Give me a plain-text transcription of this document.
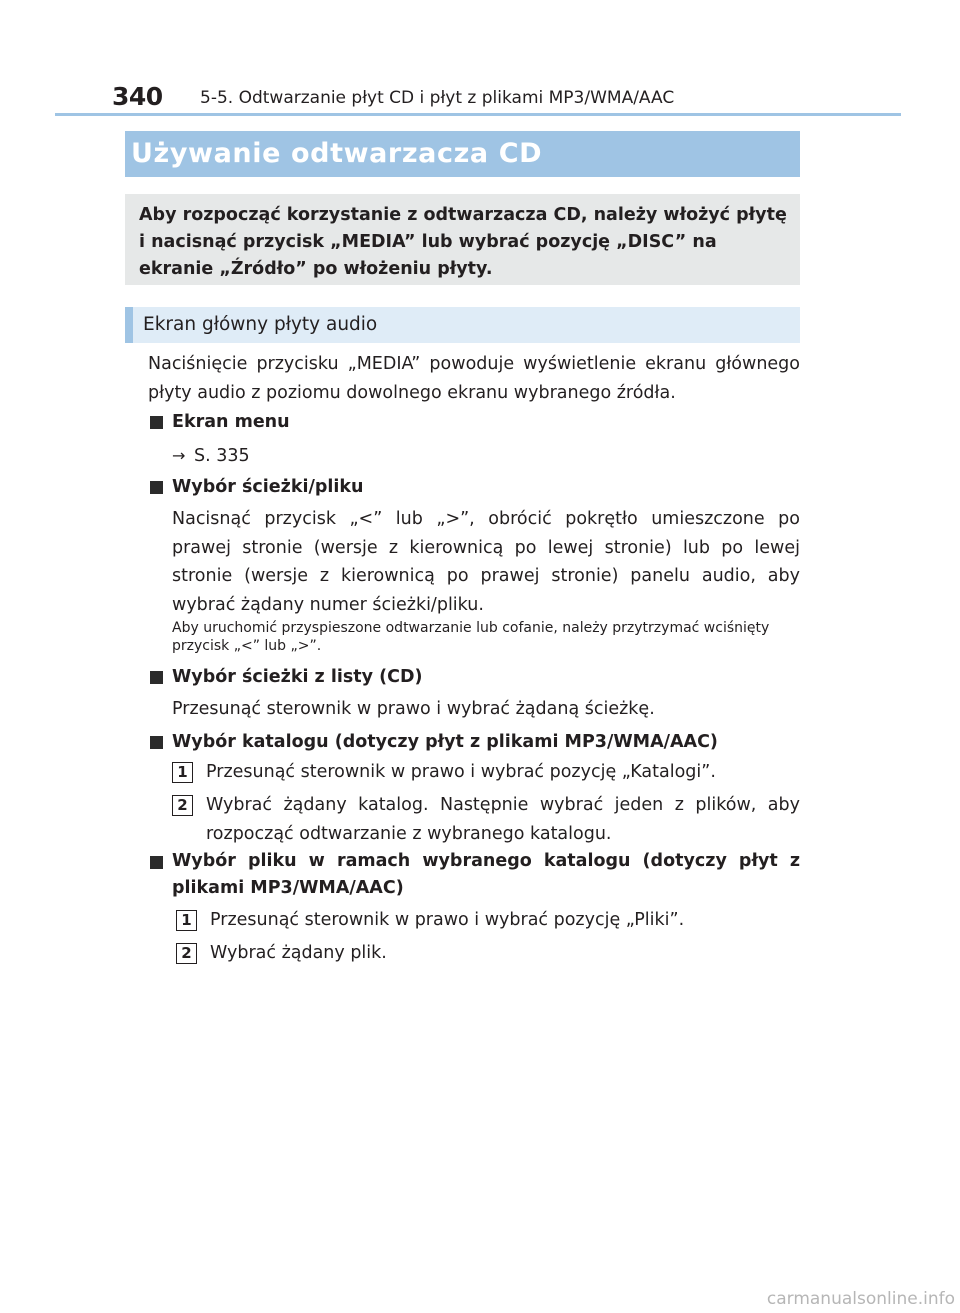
340 5-5. Odtwarzanie płyt CD i płyt z plikami MP3/WMA/AAC
Używanie odtwarzacza CD

Aby rozpocząć korzystanie z odtwarzacza CD, należy włożyć płytę i nacisnąć przycisk „MEDIA” lub wybrać pozycję „DISC” na ekranie „Źródło” po włożeniu płyty.

Ekran główny płyty audio

Naciśnięcie przycisku „MEDIA” powoduje wyświetlenie ekranu głównego płyty audio z poziomu dowolnego ekranu wybranego źródła.

Ekran menu
→ S. 335
Wybór ścieżki/pliku

Nacisnąć przycisk „<” lub „>”, obrócić pokrętło umieszczone po prawej stronie (wersje z kierownicą po lewej stronie) lub po lewej stronie (wersje z kierownicą po prawej stronie) panelu audio, aby wybrać żądany numer ścieżki/pliku.

Aby uruchomić przyspieszone odtwarzanie lub cofanie, należy przytrzymać wciśnięty przycisk „<” lub „>”.

Wybór ścieżki z listy (CD)

Przesunąć sterownik w prawo i wybrać żądaną ścieżkę.

Wybór katalogu (dotyczy płyt z plikami MP3/WMA/AAC)
1	Przesunąć sterownik w prawo i wybrać pozycję „Katalogi”.

2	Wybrać żądany katalog. Następnie wybrać jeden z plików, aby rozpocząć odtwarzanie z wybranego katalogu.

Wybór pliku w ramach wybranego katalogu (dotyczy płyt z plikami MP3/WMA/AAC)
1	Przesunąć sterownik w prawo i wybrać pozycję „Pliki”.

2	Wybrać żądany plik.

carmanualsonline.info
